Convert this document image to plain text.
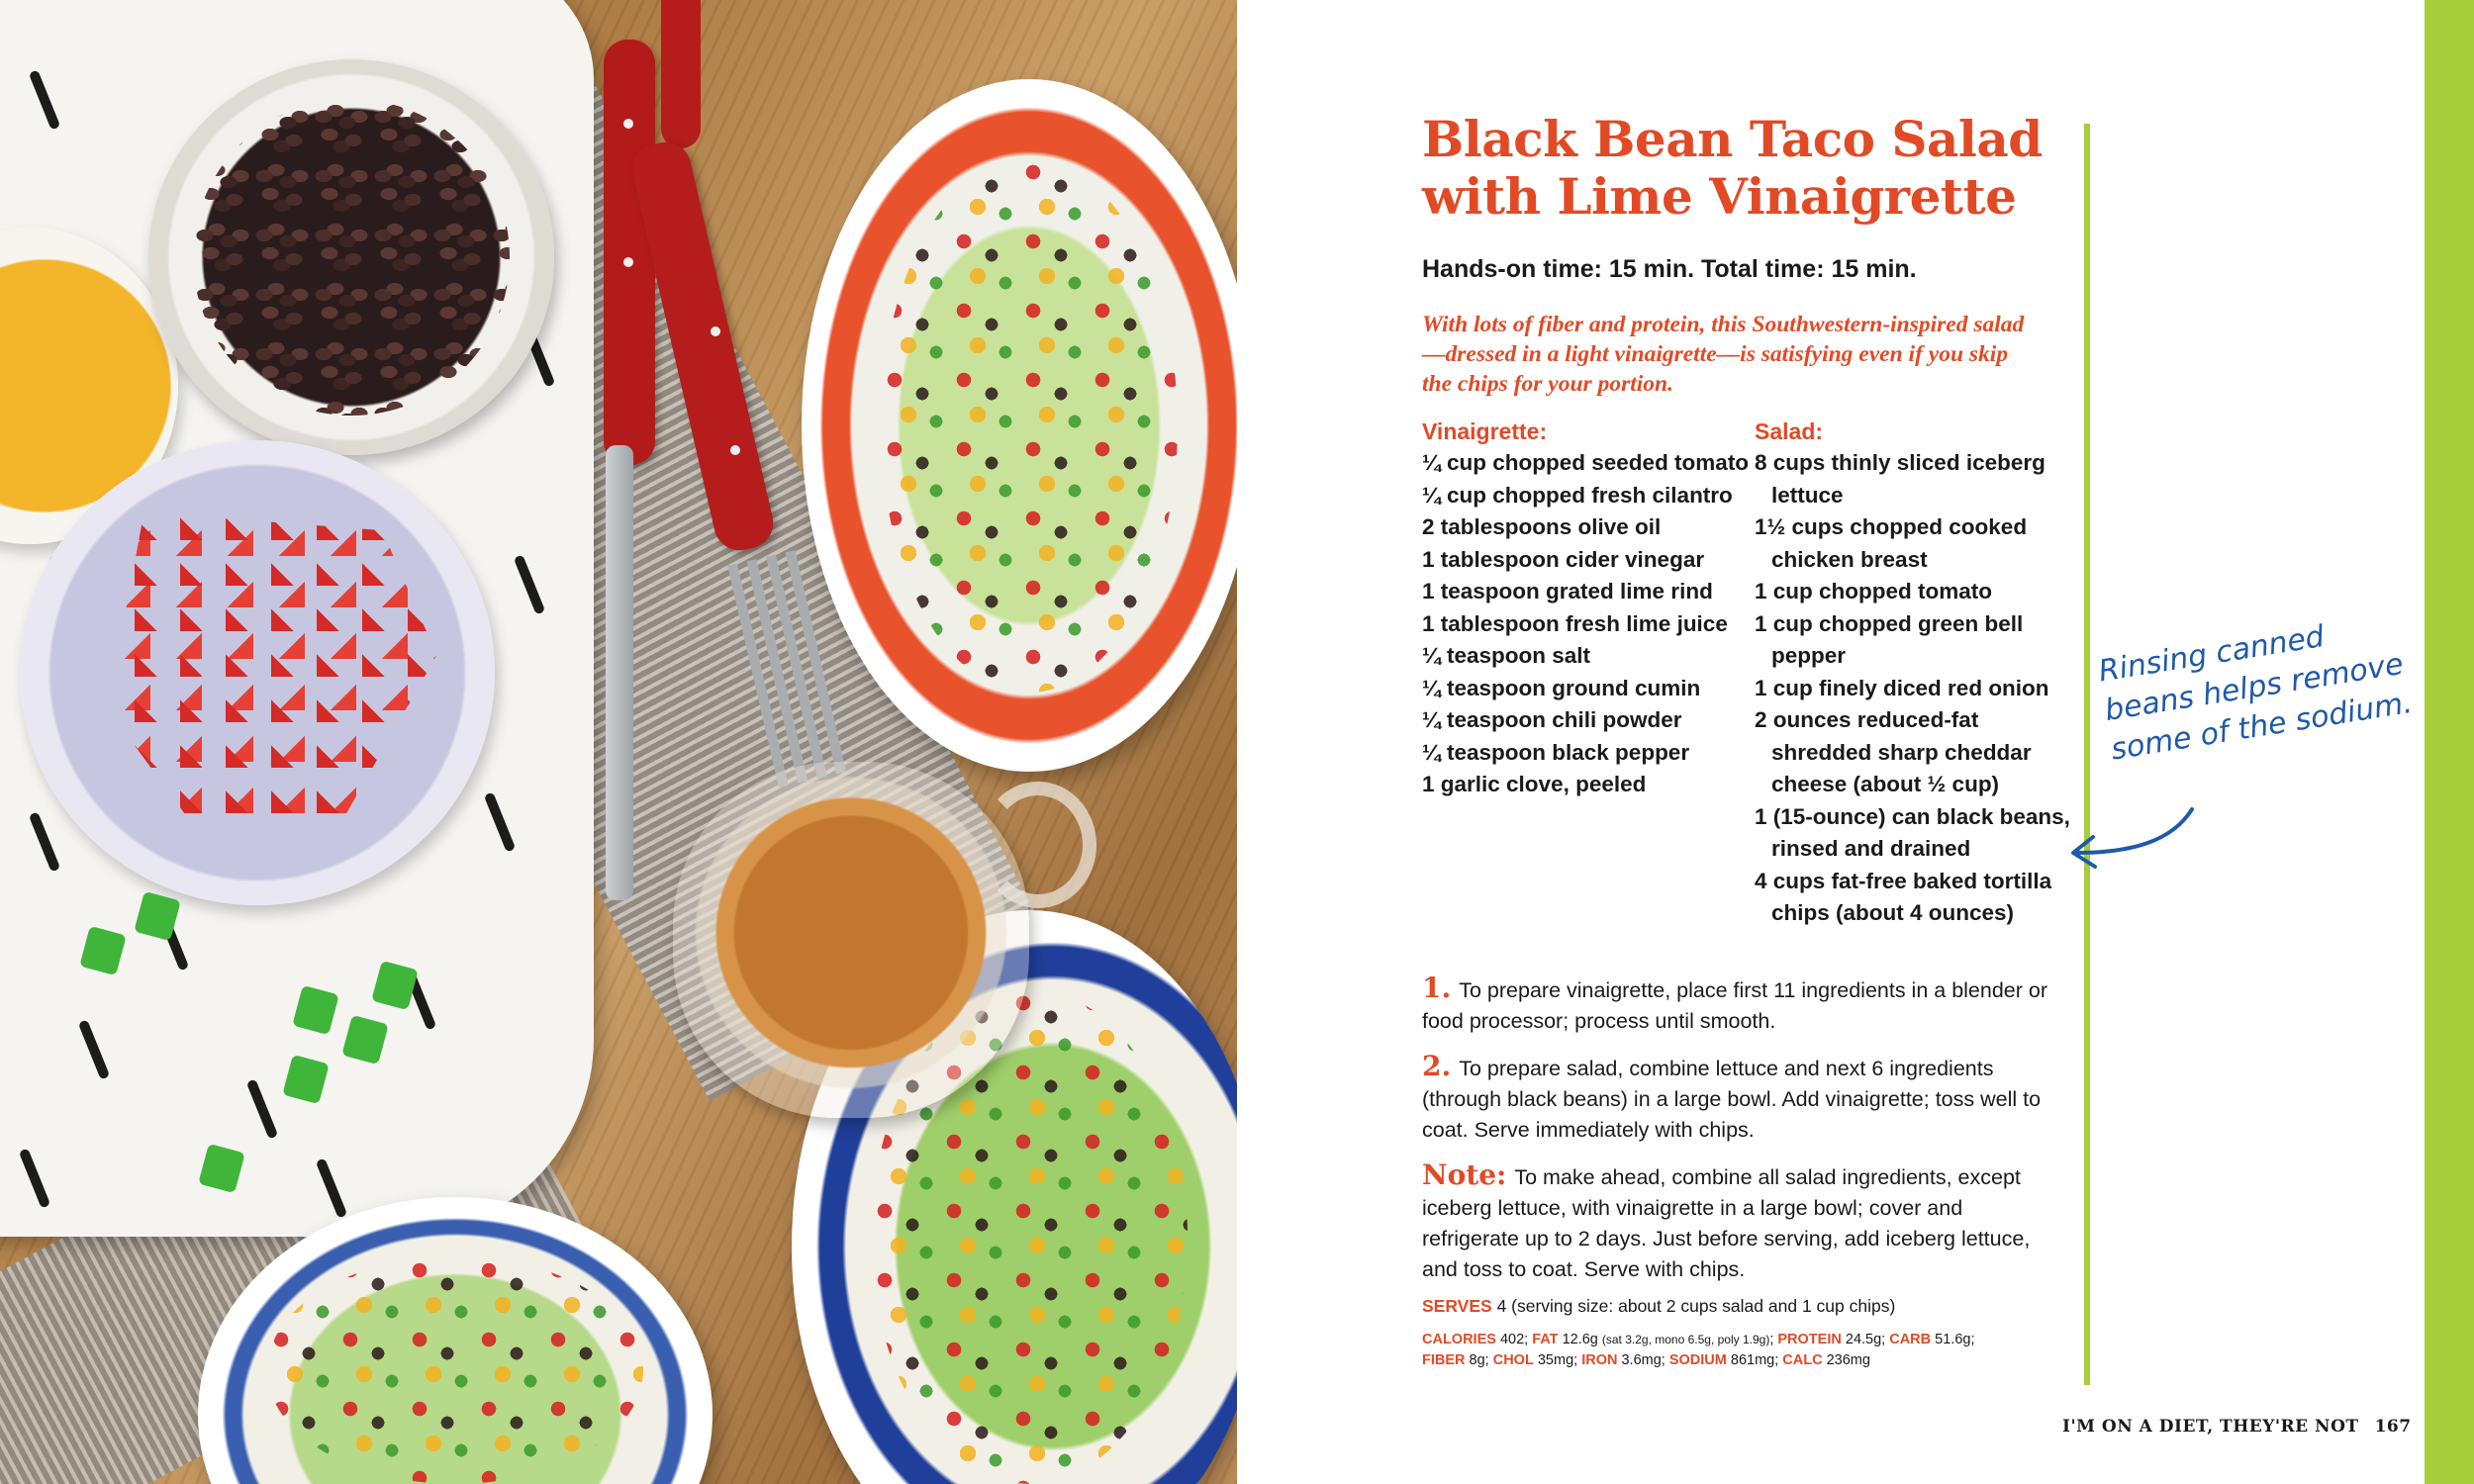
Black Bean Taco Salad with Lime Vinaigrette
Hands-on time: 15 min. Total time: 15 min.

With lots of fiber and protein, this Southwestern-inspired salad—dressed in a light vinaigrette—is satisfying even if you skip the chips for your portion.

Vinaigrette:
¼ cup chopped seeded tomato
¼ cup chopped fresh cilantro
2 tablespoons olive oil
1 tablespoon cider vinegar
1 teaspoon grated lime rind
1 tablespoon fresh lime juice
¼ teaspoon salt
¼ teaspoon ground cumin
¼ teaspoon chili powder
¼ teaspoon black pepper
1 garlic clove, peeled
Salad:
8 cups thinly sliced iceberg lettuce
1½ cups chopped cooked chicken breast
1 cup chopped tomato
1 cup chopped green bell pepper
1 cup finely diced red onion
2 ounces reduced-fat shredded sharp cheddar cheese (about ½ cup)
1 (15-ounce) can black beans, rinsed and drained
4 cups fat-free baked tortilla chips (about 4 ounces)
1. To prepare vinaigrette, place first 11 ingredients in a blender or food processor; process until smooth.
2. To prepare salad, combine lettuce and next 6 ingredients (through black beans) in a large bowl. Add vinaigrette; toss well to coat. Serve immediately with chips.
Note: To make ahead, combine all salad ingredients, except iceberg lettuce, with vinaigrette in a large bowl; cover and refrigerate up to 2 days. Just before serving, add iceberg lettuce, and toss to coat. Serve with chips.
SERVES 4 (serving size: about 2 cups salad and 1 cup chips)
CALORIES 402; FAT 12.6g (sat 3.2g, mono 6.5g, poly 1.9g); PROTEIN 24.5g; CARB 51.6g;
FIBER 8g; CHOL 35mg; IRON 3.6mg; SODIUM 861mg; CALC 236mg
Rinsing canned beans helps remove some of the sodium.
I'M ON A DIET, THEY'RE NOT 167
